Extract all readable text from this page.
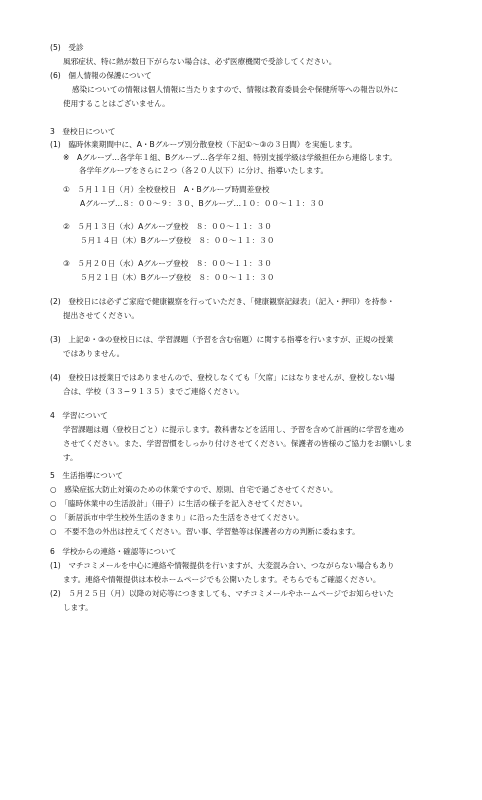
(5)　受診
風邪症状、特に熱が数日下がらない場合は、必ず医療機関で受診してください。
(6)　個人情報の保護について
感染についての情報は個人情報に当たりますので、情報は教育委員会や保健所等への報告以外に
使用することはございません。
3　登校日について
(1)　臨時休業期間中に、A・Bグループ別分散登校（下記①〜③の３日間）を実施します。
※　Aグループ…各学年１組、Bグループ…各学年２組、特別支援学級は学級担任から連絡します。
各学年グループをさらに２つ（各２０人以下）に分け、指導いたします。
①　５月１１日（月）全校登校日　A・Bグループ時間差登校
Aグループ…８：００〜９：３０、Bグループ…１０：００〜１１：３０
②　５月１３日（水）Aグループ登校　８：００〜１１：３０
５月１４日（木）Bグループ登校　８：００〜１１：３０
③　５月２０日（水）Aグループ登校　８：００〜１１：３０
５月２１日（木）Bグループ登校　８：００〜１１：３０
(2)　登校日には必ずご家庭で健康観察を行っていただき、「健康観察記録表」（記入・押印）を持参・
提出させてください。
(3)　上記②・③の登校日には、学習課題（予習を含む宿題）に関する指導を行いますが、正規の授業
ではありません。
(4)　登校日は授業日ではありませんので、登校しなくても「欠席」にはなりませんが、登校しない場
合は、学校（３３−９１３５）までご連絡ください。
4　学習について
学習課題は週（登校日ごと）に提示します。教科書などを活用し、予習を含めて計画的に学習を進め
させてください。また、学習習慣をしっかり付けさせてください。保護者の皆様のご協力をお願いしま
す。
5　生活指導について
○　感染症拡大防止対策のための休業ですので、原則、自宅で過ごさせてください。
○　「臨時休業中の生活設計」（冊子）に生活の様子を記入させてください。
○　「新居浜市中学生校外生活のきまり」に沿った生活をさせてください。
○　不要不急の外出は控えてください。習い事、学習塾等は保護者の方の判断に委ねます。
6　学校からの連絡・確認等について
(1)　マチコミメールを中心に連絡や情報提供を行いますが、大変混み合い、つながらない場合もあり
ます。連絡や情報提供は本校ホームページでも公開いたします。そちらでもご確認ください。
(2)　５月２５日（月）以降の対応等につきましても、マチコミメールやホームページでお知らせいた
します。
